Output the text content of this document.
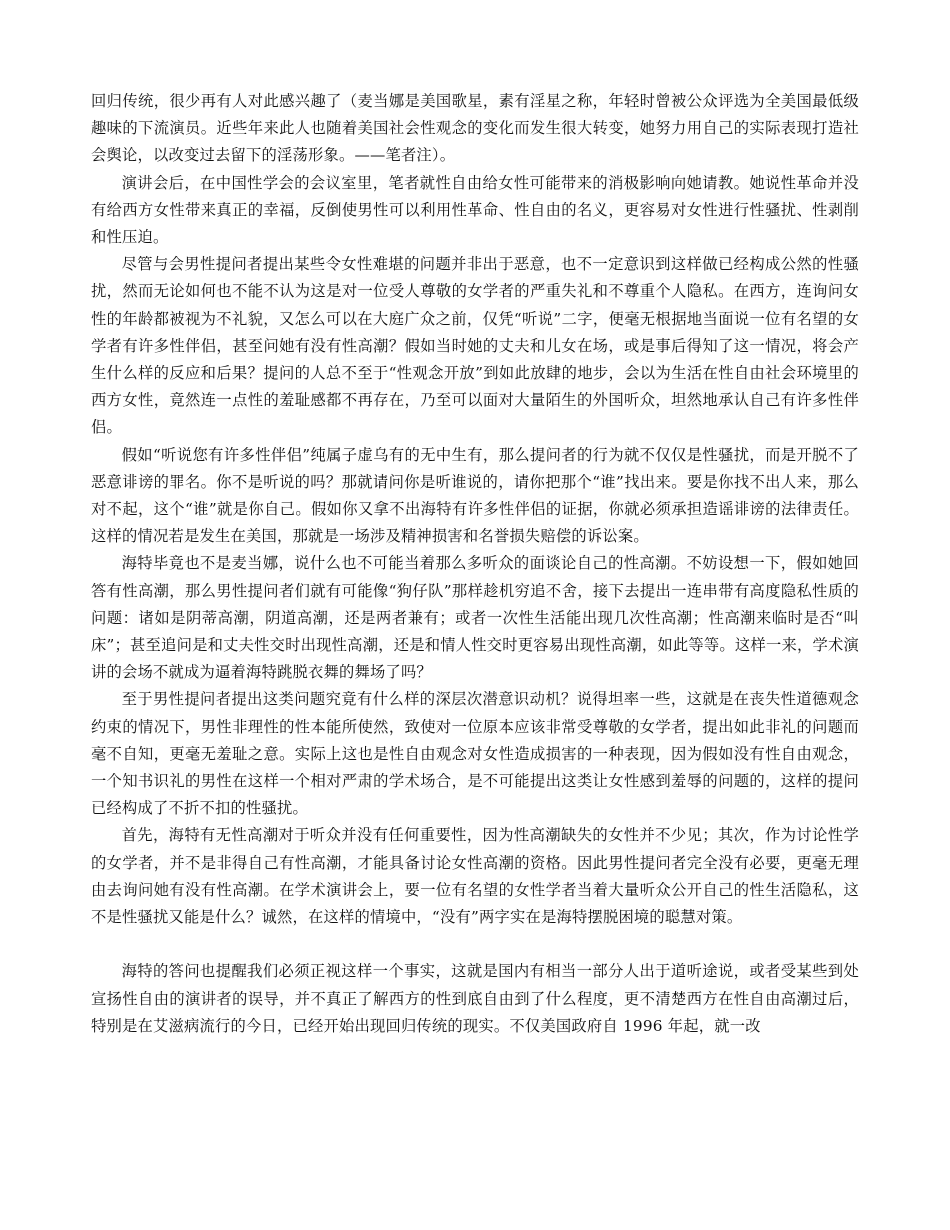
回归传统，很少再有人对此感兴趣了（麦当娜是美国歌星，素有淫星之称，年轻时曾被公众评选为全美国最低级趣味的下流演员。近些年来此人也随着美国社会性观念的变化而发生很大转变，她努力用自己的实际表现打造社会舆论，以改变过去留下的淫荡形象。——笔者注）。

演讲会后，在中国性学会的会议室里，笔者就性自由给女性可能带来的消极影响向她请教。她说性革命并没有给西方女性带来真正的幸福，反倒使男性可以利用性革命、性自由的名义，更容易对女性进行性骚扰、性剥削和性压迫。

尽管与会男性提问者提出某些令女性难堪的问题并非出于恶意，也不一定意识到这样做已经构成公然的性骚扰，然而无论如何也不能不认为这是对一位受人尊敬的女学者的严重失礼和不尊重个人隐私。在西方，连询问女性的年龄都被视为不礼貌，又怎么可以在大庭广众之前，仅凭“听说”二字，便毫无根据地当面说一位有名望的女学者有许多性伴侣，甚至问她有没有性高潮？假如当时她的丈夫和儿女在场，或是事后得知了这一情况，将会产生什么样的反应和后果？提问的人总不至于“性观念开放”到如此放肆的地步，会以为生活在性自由社会环境里的西方女性，竟然连一点性的羞耻感都不再存在，乃至可以面对大量陌生的外国听众，坦然地承认自己有许多性伴侣。

假如“听说您有许多性伴侣”纯属子虚乌有的无中生有，那么提问者的行为就不仅仅是性骚扰，而是开脱不了恶意诽谤的罪名。你不是听说的吗？那就请问你是听谁说的，请你把那个“谁”找出来。要是你找不出人来，那么对不起，这个“谁”就是你自己。假如你又拿不出海特有许多性伴侣的证据，你就必须承担造谣诽谤的法律责任。这样的情况若是发生在美国，那就是一场涉及精神损害和名誉损失赔偿的诉讼案。

海特毕竟也不是麦当娜，说什么也不可能当着那么多听众的面谈论自己的性高潮。不妨设想一下，假如她回答有性高潮，那么男性提问者们就有可能像“狗仔队”那样趁机穷追不舍，接下去提出一连串带有高度隐私性质的问题：诸如是阴蒂高潮，阴道高潮，还是两者兼有；或者一次性生活能出现几次性高潮；性高潮来临时是否“叫床”；甚至追问是和丈夫性交时出现性高潮，还是和情人性交时更容易出现性高潮，如此等等。这样一来，学术演讲的会场不就成为逼着海特跳脱衣舞的舞场了吗？

至于男性提问者提出这类问题究竟有什么样的深层次潜意识动机？说得坦率一些，这就是在丧失性道德观念约束的情况下，男性非理性的性本能所使然，致使对一位原本应该非常受尊敬的女学者，提出如此非礼的问题而毫不自知，更毫无羞耻之意。实际上这也是性自由观念对女性造成损害的一种表现，因为假如没有性自由观念，一个知书识礼的男性在这样一个相对严肃的学术场合，是不可能提出这类让女性感到羞辱的问题的，这样的提问已经构成了不折不扣的性骚扰。

首先，海特有无性高潮对于听众并没有任何重要性，因为性高潮缺失的女性并不少见；其次，作为讨论性学的女学者，并不是非得自己有性高潮，才能具备讨论女性高潮的资格。因此男性提问者完全没有必要，更毫无理由去询问她有没有性高潮。在学术演讲会上，要一位有名望的女性学者当着大量听众公开自己的性生活隐私，这不是性骚扰又能是什么？诚然，在这样的情境中，“没有”两字实在是海特摆脱困境的聪慧对策。

海特的答问也提醒我们必须正视这样一个事实，这就是国内有相当一部分人出于道听途说，或者受某些到处宣扬性自由的演讲者的误导，并不真正了解西方的性到底自由到了什么程度，更不清楚西方在性自由高潮过后，特别是在艾滋病流行的今日，已经开始出现回归传统的现实。不仅美国政府自 1996 年起，就一改
